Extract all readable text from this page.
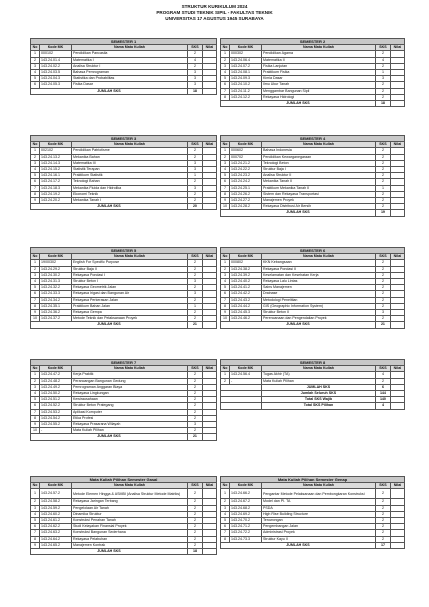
STRUKTUR KURIKULUM 2024
PROGRAM STUDI TEKNIK SIPIL - FAKULTAS TEKNIK
UNIVERSITAS 17 AGUSTUS 1945 SURABAYA
SEMESTER 1				
No	Kode MK	Nama Mata Kuliah	SKS	Nilai
1	000102	Pendidikan Pancasila	2	
2	143.24.01.4	Matematika I	4	
3	143.24.02.2	Analisa Struktur I	2	
4	143.24.03.5	Bahasa Pemrograman	3	
5	143.24.04.3	Statistika dan Probabilitas	3	
6	143.24.05.3	Fisika Dasar	3	
JUMLAH SKS			18	
SEMESTER 2				
No	Kode MK	Nama Mata Kuliah	SKS	Nilai
1	000302	Pendidikan Agama	2	
2	143.24.06.4	Matematika II	4	
3	143.24.07.2	Fisika Lanjutan	2	
4	143.24.08.1	Praktikum Fisika	1	
5	143.24.09.3	Kimia Dasar	3	
6	143.24.10.2	Ilmu Ukur Tanah	2	
7	143.24.11.2	Menggambar Bangunan Sipil	2	
8	143.24.12.2	Rekayasa Hidrologi	2	
JUMLAH SKS			18	
SEMESTER 3				
No	Kode MK	Nama Mata Kuliah	SKS	Nilai
1	002102	Pendidikan Patriotisme	2	
2	143.24.13.2	Mekanika Bahan	2	
3	143.24.14.3	Matematika III	3	
4	143.24.15.2	Statistik Terapan	3	
5	143.24.16.1	Praktikum Statistik	1	
6	143.24.17.2	Teknologi Bahan	2	
7	143.24.18.3	Mekanika Fluida dan Hidrolika	3	
8	143.24.19.2	Ekonomi Teknik	2	
9	143.24.20.2	Mekanika Tanah I	2	
JUMLAH SKS			20	
SEMESTER 4				
No	Kode MK	Nama Mata Kuliah	SKS	Nilai
1	000602	Bahasa Indonesia	2	
2	000702	Pendidikan Kewarganegaraan	2	
3	143.24.21.2	Teknologi Beton	2	
4	143.24.22.2	Struktur Baja I	2	
5	143.24.23.2	Analisa Struktur II	2	
6	143.24.24.2	Mekanika Tanah II	2	
7	143.24.25.1	Praktikum Mekanika Tanah II	1	
8	143.24.26.2	Sistem dan Rekayasa Transportasi	2	
9	143.24.27.2	Manajemen Proyek	2	
10	143.24.28.2	Rekayasa Distribusi Air Bersih	2	
JUMLAH SKS			19	
SEMESTER 5				
No	Kode MK	Nama Mata Kuliah	SKS	Nilai
1	19/00302	English For Specific Purpose	2	
2	143.24.29.2	Struktur Baja II	2	
3	143.24.30.2	Rekayasa Pondasi I	2	
4	143.24.31.3	Struktur Beton I	3	
5	143.24.32.2	Rekayasa Geometrik Jalan	2	
6	143.24.33.3	Rekayasa Irigasi dan Bangunan Air	3	
7	143.24.34.2	Rekayasa Perkerasan Jalan	2	
8	143.24.35.1	Praktikum Bahan Jalan	1	
9	143.24.36.2	Rekayasa Gempa	2	
10	143.24.37.2	Metode Teknik dan Pelaksanaan Proyek	2	
JUMLAH SKS			21	
SEMESTER 6				
No	Kode MK	Nama Mata Kuliah	SKS	Nilai
1	000802	KKN Kebangsaan	2	
2	143.24.38.2	Rekayasa Pondasi II	2	
3	143.24.39.2	Keselamatan dan Kesehatan Kerja	2	
4	143.24.40.2	Rekayasa Lalu Lintas	2	
5	143.24.41.2	Sains Manajemen	2	
6	143.24.42.2	Drainase	2	
7	143.24.43.2	Metodologi Penelitian	2	
8	143.24.44.2	GIS (Geographic Information System)	2	
9	143.24.45.3	Struktur Beton II	3	
10	143.24.46.2	Perencanaan dan Pengendalian Proyek	2	
JUMLAH SKS			21	
SEMESTER 7				
No	Kode MK	Nama Mata Kuliah	SKS	Nilai
1	143.24.47.2	Kerja Praktik	2	
2	143.24.48.2	Perancangan Bangunan Gedung	2	
3	143.24.49.2	Pemrograman Anggaran Biaya	2	
4	143.24.50.2	Rekayasa Lingkungan	2	
5	143.24.51.2	Kewirausahaan	2	
6	143.24.52.2	Struktur Beton Prategang	2	
7	143.24.53.2	Aplikasi Komputer	2	
8	143.24.54.2	Etika Profesi	2	
9	143.24.55.2	Rekayasa Prasarana Wilayah	3	
10	-	Mata Kuliah Pilihan	2	
JUMLAH SKS			21	
SEMESTER 8				
No	Kode MK	Nama Mata Kuliah	SKS	Nilai
1	143.24.56.4	Tugas Akhir (TA)	4	
2	-	Mata Kuliah Pilihan	2	
		JUMLAH SKS	6	
		Jumlah Seluruh SKS	144	
		Total SKS Wajib	140	
		Total SKS Pilihan	4	
Mata Kuliah Pilihan Semester Gasal				
No	Kode MK	Nama Mata Kuliah	SKS	Nilai
1	143.24.57.2	Metode Elemen Hingga & ASMBI (Analisa Struktur Metode Matriks)	2	
2	143.24.58.2	Rekayasa Jaringan Terbang	2	
3	143.24.59.2	Pengelolaan Air Tanah	2	
4	143.24.60.2	Dinamika Struktur	2	
5	143.24.61.2	Konstruksi Penahan Tanah	2	
6	143.24.62.2	Studi Kelayakan Finansial Proyek	2	
7	143.24.63.2	Konstruksi Bangunan Sederhana	2	
8	143.24.64.2	Rekayasa Pelabuhan	2	
9	143.24.65.2	Manajemen Kontrak	2	
JUMLAH SKS			18	
Mata Kuliah Pilihan Semester Genap				
No	Kode MK	Nama Mata Kuliah	SKS	Nilai
1	143.24.66.2	Pengantar Metode Pelaksanaan dan Pembongkaran Konstruksi	2	
2	143.24.67.2	Model dan PI. TA	2	
3	143.24.68.2	PSDA	2	
4	143.24.69.2	High Rise Building Structure	2	
5	143.24.70.2	Terowongan	2	
6	143.24.71.2	Pengembangan Jalan	2	
7	143.24.72.2	Administrasi Proyek	2	
8	143.24.73.3	Struktur Kayu II	2	
JUMLAH SKS			17	
